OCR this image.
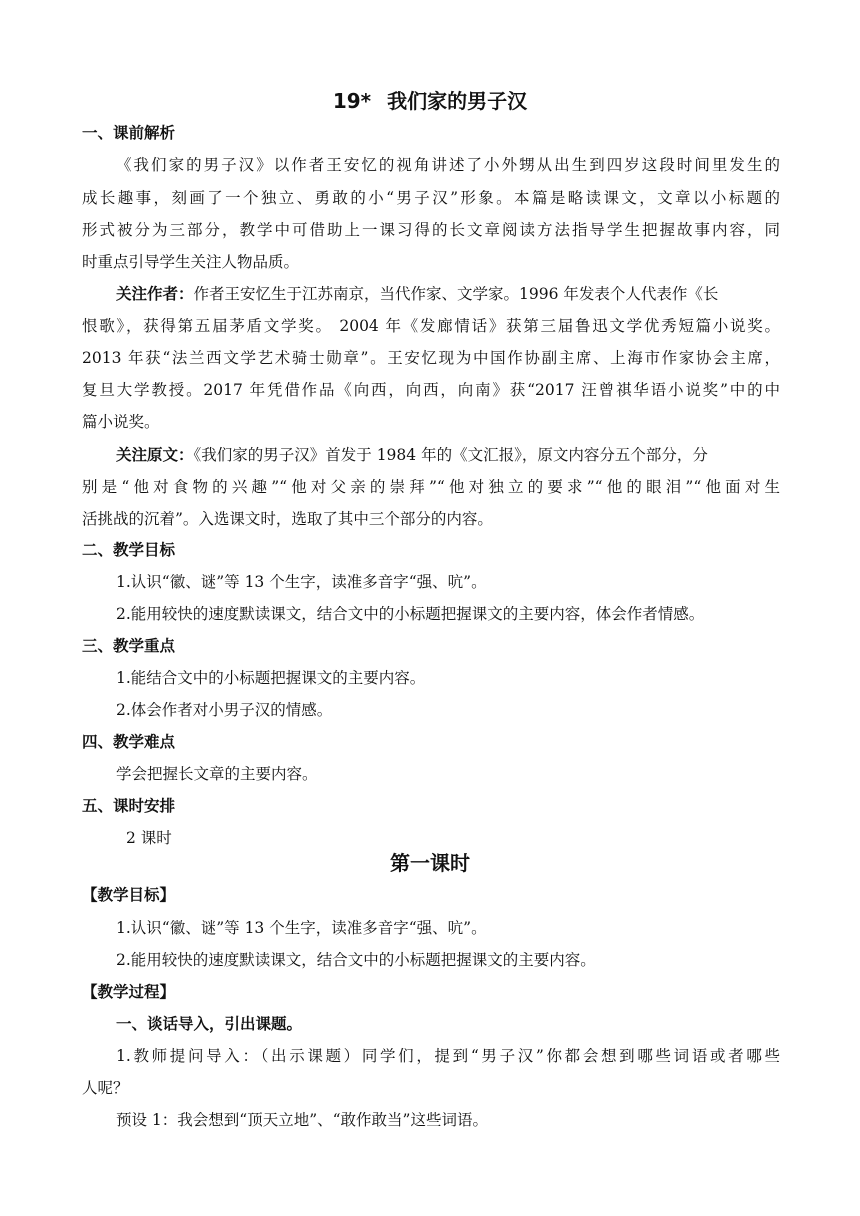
19* 我们家的男子汉
一、课前解析
《我们家的男子汉》以作者王安忆的视角讲述了小外甥从出生到四岁这段时间里发生的
成长趣事，刻画了一个独立、勇敢的小“男子汉”形象。本篇是略读课文，文章以小标题的
形式被分为三部分，教学中可借助上一课习得的长文章阅读方法指导学生把握故事内容，同
时重点引导学生关注人物品质。
关注作者：作者王安忆生于江苏南京，当代作家、文学家。1996 年发表个人代表作《长
恨歌》，获得第五届茅盾文学奖。 2004 年《发廊情话》获第三届鲁迅文学优秀短篇小说奖。
2013 年获“法兰西文学艺术骑士勋章”。王安忆现为中国作协副主席、上海市作家协会主席，
复旦大学教授。2017 年凭借作品《向西，向西，向南》获“2017 汪曾祺华语小说奖”中的中
篇小说奖。
关注原文：《我们家的男子汉》首发于 1984 年的《文汇报》，原文内容分五个部分，分
别是“他对食物的兴趣”“他对父亲的崇拜”“他对独立的要求”“他的眼泪”“他面对生
活挑战的沉着”。入选课文时，选取了其中三个部分的内容。
二、教学目标
1.认识“徽、谜”等 13 个生字，读准多音字“强、吭”。
2.能用较快的速度默读课文，结合文中的小标题把握课文的主要内容，体会作者情感。
三、教学重点
1.能结合文中的小标题把握课文的主要内容。
2.体会作者对小男子汉的情感。
四、教学难点
学会把握长文章的主要内容。
五、课时安排
2 课时
第一课时
【教学目标】
1.认识“徽、谜”等 13 个生字，读准多音字“强、吭”。
2.能用较快的速度默读课文，结合文中的小标题把握课文的主要内容。
【教学过程】
一、谈话导入，引出课题。
1.教师提问导入：（出示课题）同学们，提到“男子汉”你都会想到哪些词语或者哪些
人呢？
预设 1：我会想到“顶天立地”、“敢作敢当”这些词语。
